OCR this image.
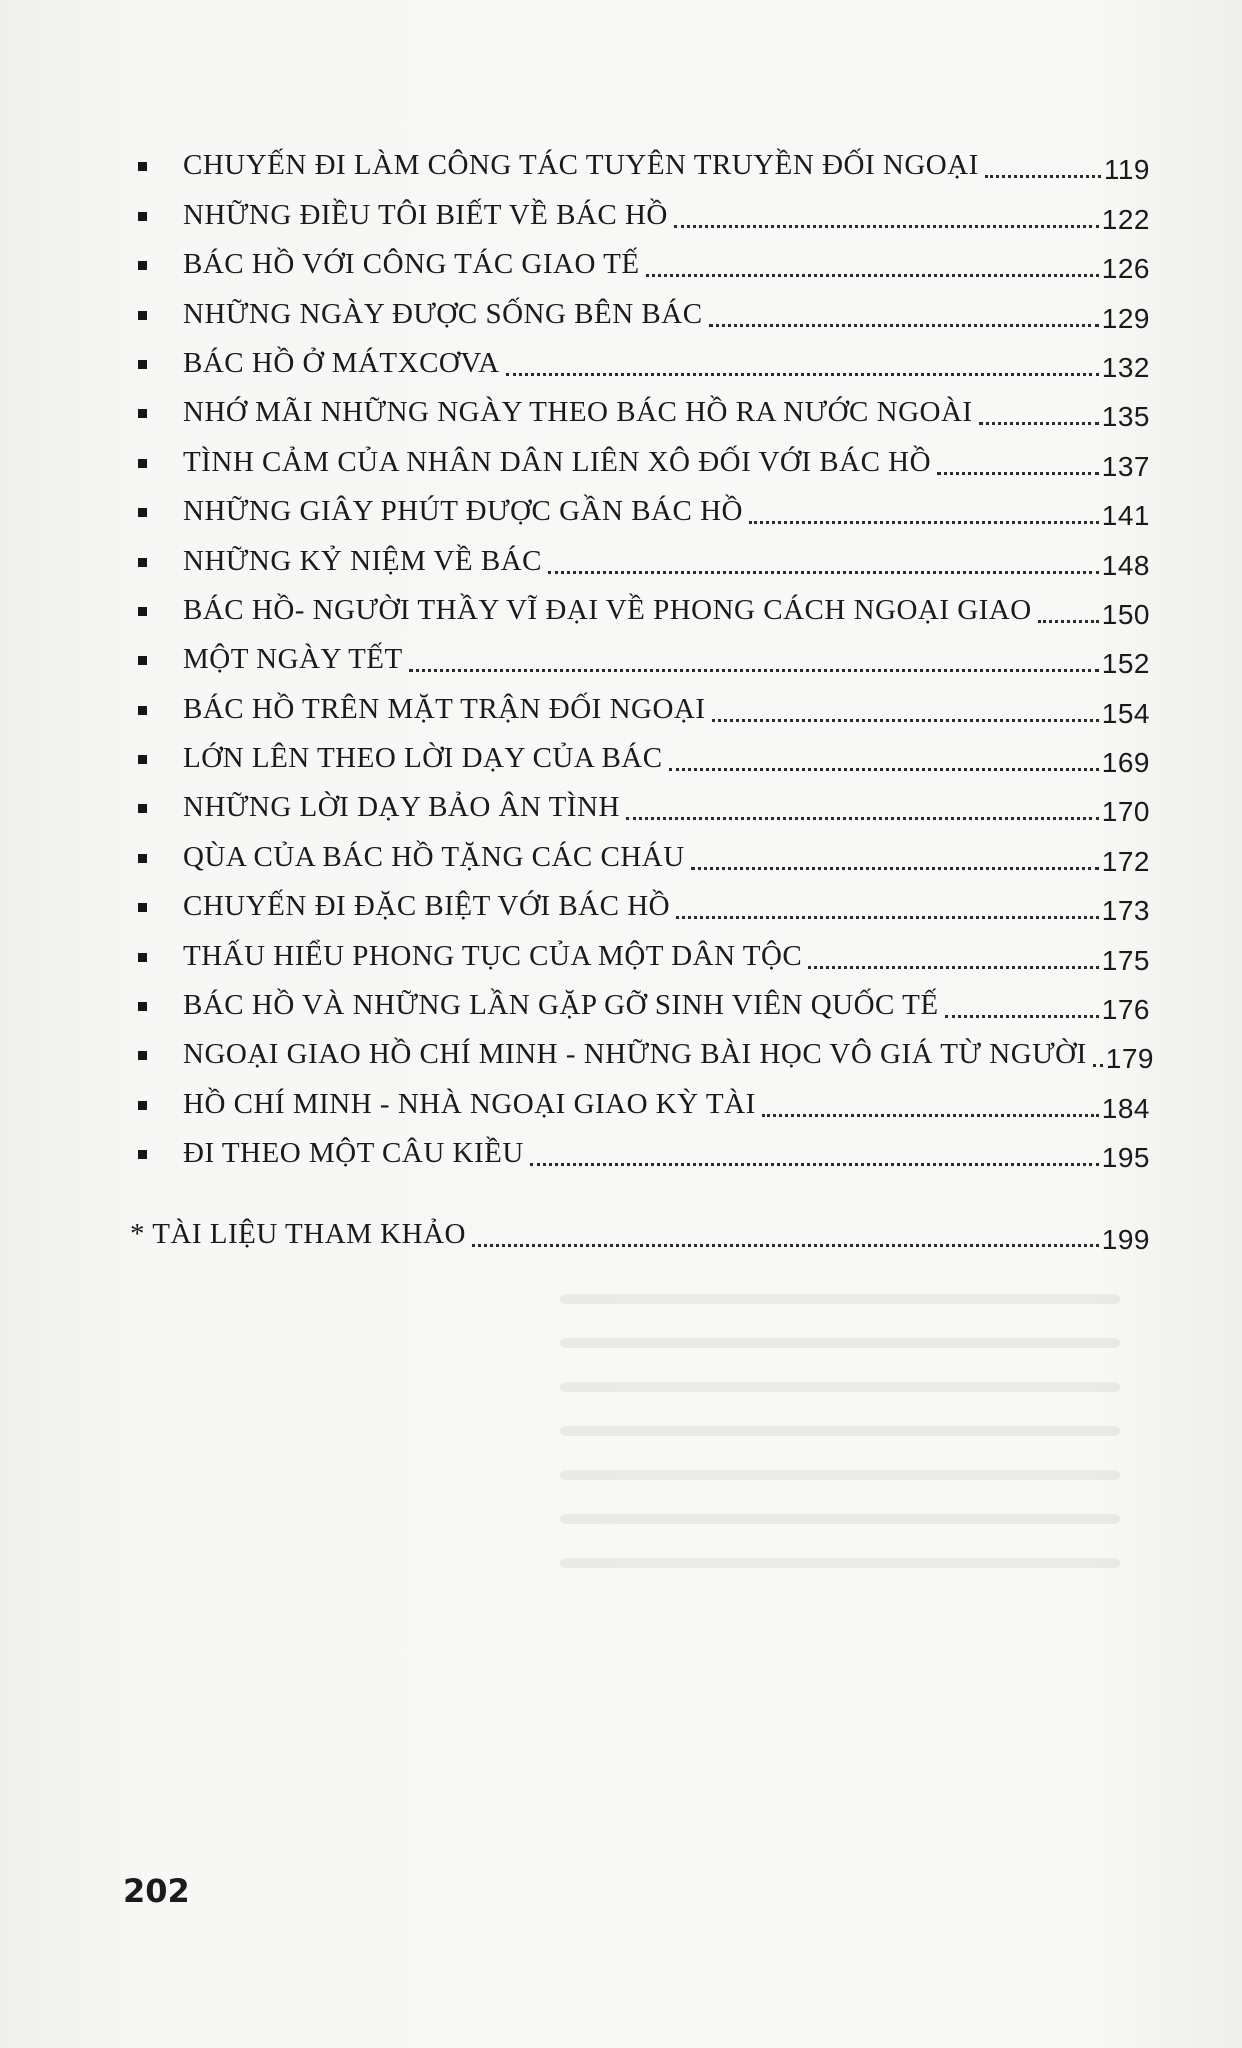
CHUYẾN ĐI LÀM CÔNG TÁC TUYÊN TRUYỀN ĐỐI NGOẠI	119
NHỮNG ĐIỀU TÔI BIẾT VỀ BÁC HỒ	122
BÁC HỒ VỚI CÔNG TÁC GIAO TẾ	126
NHỮNG NGÀY ĐƯỢC SỐNG BÊN BÁC	129
BÁC HỒ Ở MÁTXCƠVA	132
NHỚ MÃI NHỮNG NGÀY THEO BÁC HỒ RA NƯỚC NGOÀI	135
TÌNH CẢM CỦA NHÂN DÂN LIÊN XÔ ĐỐI VỚI BÁC HỒ	137
NHỮNG GIÂY PHÚT ĐƯỢC GẦN BÁC HỒ	141
NHỮNG KỶ NIỆM VỀ BÁC	148
BÁC HỒ- NGƯỜI THẦY VĨ ĐẠI VỀ PHONG CÁCH NGOẠI GIAO	150
MỘT NGÀY TẾT	152
BÁC HỒ TRÊN MẶT TRẬN ĐỐI NGOẠI	154
LỚN LÊN THEO LỜI DẠY CỦA BÁC	169
NHỮNG LỜI DẠY BẢO ÂN TÌNH	170
QÙA CỦA BÁC HỒ TẶNG CÁC CHÁU	172
CHUYẾN ĐI ĐẶC BIỆT VỚI BÁC HỒ	173
THẤU HIỂU PHONG TỤC CỦA MỘT DÂN TỘC	175
BÁC HỒ VÀ NHỮNG LẦN GẶP GỠ SINH VIÊN QUỐC TẾ	176
NGOẠI GIAO HỒ CHÍ MINH - NHỮNG BÀI HỌC VÔ GIÁ TỪ NGƯỜI 179
HỒ CHÍ MINH - NHÀ NGOẠI GIAO KỲ TÀI	184
ĐI THEO MỘT CÂU KIỀU	195
* TÀI LIỆU THAM KHẢO	199
202
